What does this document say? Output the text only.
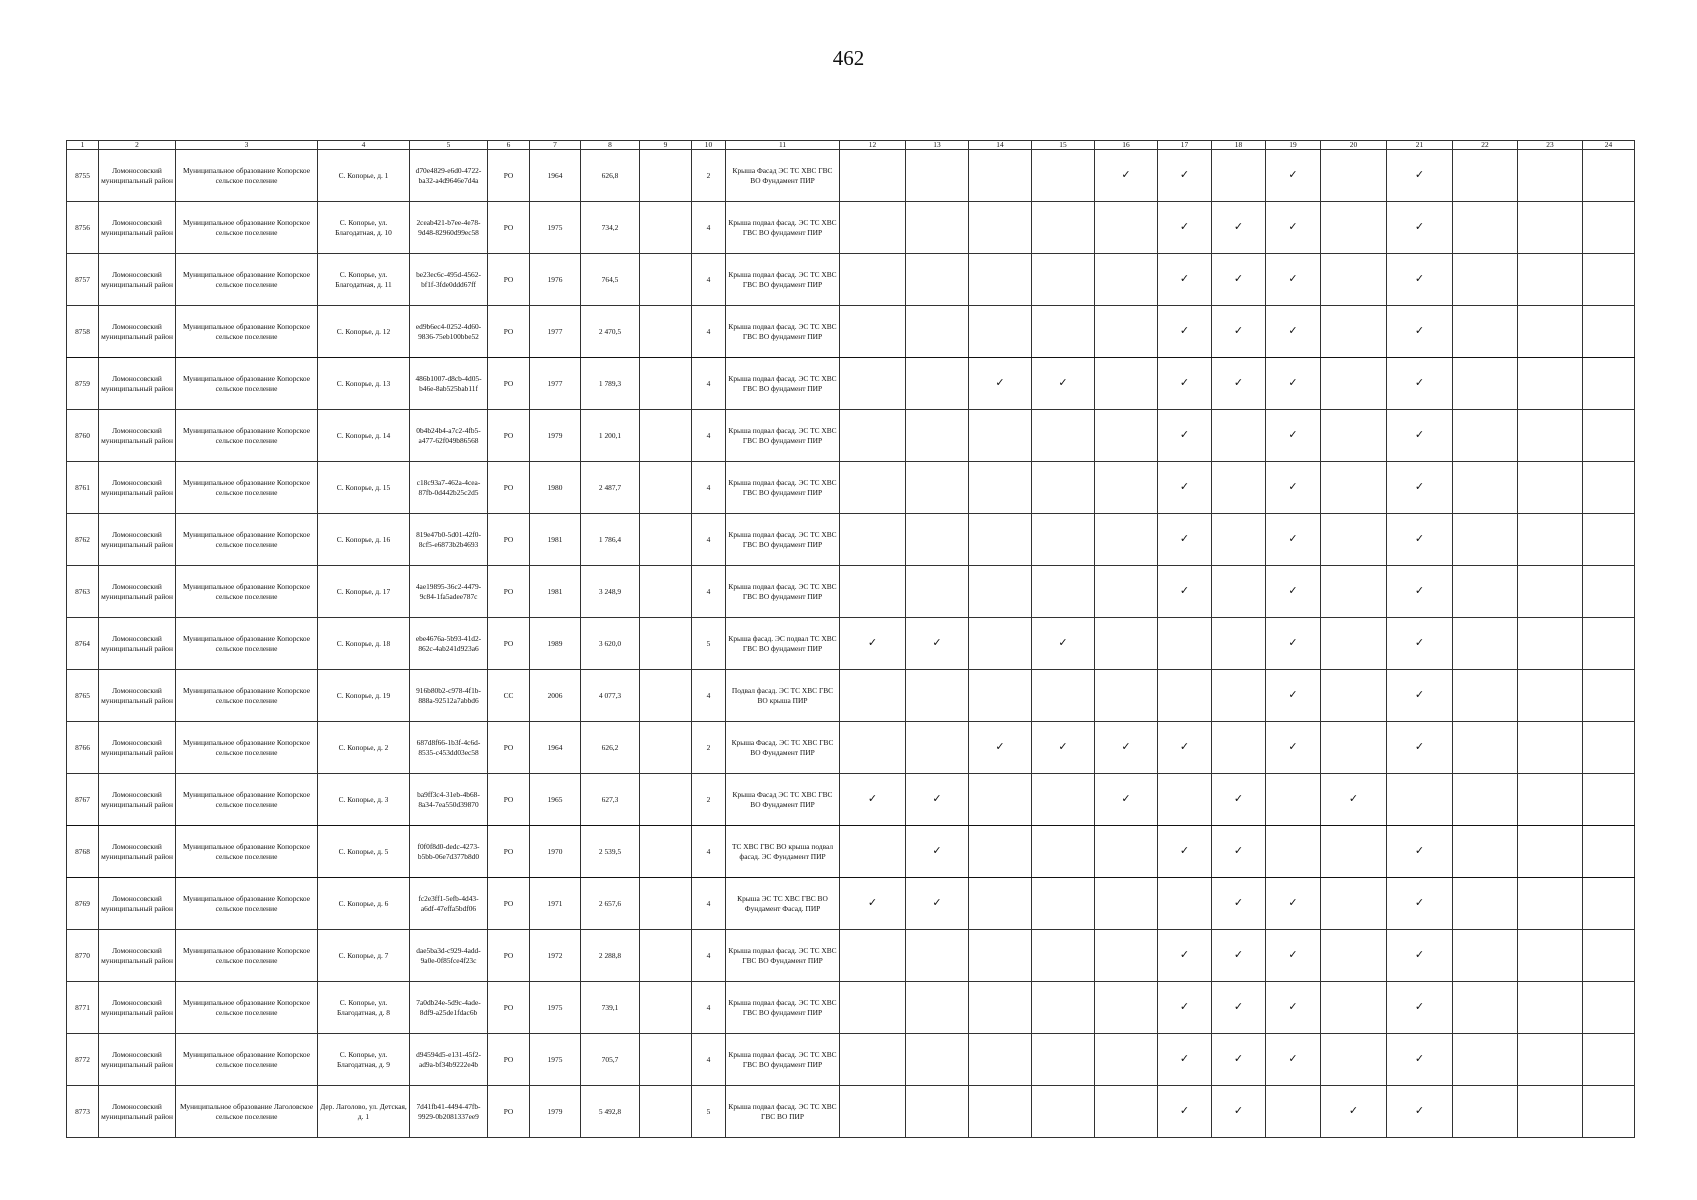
462
1	2	3	4	5	6	7	8	9	10	11	12	13	14	15	16	17	18	19	20	21	22	23	24
8755	Ломоносовский муниципальный район	Муниципальное образование Копорское сельское поселение	С. Копорье, д. 1	d70e4829-e6d0-4722-ba32-a4d9646e7d4a	РО	1964	626,8		2	Крыша Фасад ЭС ТС ХВС ГВС ВО Фундамент ПИР					✓	✓		✓		✓			
8756	Ломоносовский муниципальный район	Муниципальное образование Копорское сельское поселение	С. Копорье, ул. Благодатная, д. 10	2ceab421-b7ee-4e78-9d48-82960d99ec58	РО	1975	734,2		4	Крыша подвал фасад. ЭС ТС ХВС ГВС ВО фундамент ПИР						✓	✓	✓		✓			
8757	Ломоносовский муниципальный район	Муниципальное образование Копорское сельское поселение	С. Копорье, ул. Благодатная, д. 11	be23ec6c-495d-4562-bf1f-3fde0ddd67ff	РО	1976	764,5		4	Крыша подвал фасад. ЭС ТС ХВС ГВС ВО фундамент ПИР						✓	✓	✓		✓			
8758	Ломоносовский муниципальный район	Муниципальное образование Копорское сельское поселение	С. Копорье, д. 12	ed9b6ec4-0252-4d60-9836-75eb100bbe52	РО	1977	2 470,5		4	Крыша подвал фасад. ЭС ТС ХВС ГВС ВО фундамент ПИР						✓	✓	✓		✓			
8759	Ломоносовский муниципальный район	Муниципальное образование Копорское сельское поселение	С. Копорье, д. 13	486b1007-d8cb-4d05-b46e-8ab525bab11f	РО	1977	1 789,3		4	Крыша подвал фасад. ЭС ТС ХВС ГВС ВО фундамент ПИР			✓	✓		✓	✓	✓		✓			
8760	Ломоносовский муниципальный район	Муниципальное образование Копорское сельское поселение	С. Копорье, д. 14	0b4b24b4-a7c2-4fb5-a477-62f049b86568	РО	1979	1 200,1		4	Крыша подвал фасад. ЭС ТС ХВС ГВС ВО фундамент ПИР						✓		✓		✓			
8761	Ломоносовский муниципальный район	Муниципальное образование Копорское сельское поселение	С. Копорье, д. 15	c18c93a7-462a-4cea-87fb-0d442b25c2d5	РО	1980	2 487,7		4	Крыша подвал фасад. ЭС ТС ХВС ГВС ВО фундамент ПИР						✓		✓		✓			
8762	Ломоносовский муниципальный район	Муниципальное образование Копорское сельское поселение	С. Копорье, д. 16	819e47b0-5d01-42f0-8cf5-e6873b2b4693	РО	1981	1 786,4		4	Крыша подвал фасад. ЭС ТС ХВС ГВС ВО фундамент ПИР						✓		✓		✓			
8763	Ломоносовский муниципальный район	Муниципальное образование Копорское сельское поселение	С. Копорье, д. 17	4ae19895-36c2-4479-9c84-1fa5adee787c	РО	1981	3 248,9		4	Крыша подвал фасад. ЭС ТС ХВС ГВС ВО фундамент ПИР						✓		✓		✓			
8764	Ломоносовский муниципальный район	Муниципальное образование Копорское сельское поселение	С. Копорье, д. 18	ebe4676a-5b93-41d2-862c-4ab241d923a6	РО	1989	3 620,0		5	Крыша фасад. ЭС подвал ТС ХВС ГВС ВО фундамент ПИР	✓	✓		✓				✓		✓			
8765	Ломоносовский муниципальный район	Муниципальное образование Копорское сельское поселение	С. Копорье, д. 19	916b80b2-c978-4f1b-888a-92512a7abbd6	СС	2006	4 077,3		4	Подвал фасад. ЭС ТС ХВС ГВС ВО крыша ПИР								✓		✓			
8766	Ломоносовский муниципальный район	Муниципальное образование Копорское сельское поселение	С. Копорье, д. 2	687d8f66-1b3f-4c6d-8535-c453dd03ec58	РО	1964	626,2		2	Крыша Фасад. ЭС ТС ХВС ГВС ВО Фундамент ПИР			✓	✓	✓	✓		✓		✓			
8767	Ломоносовский муниципальный район	Муниципальное образование Копорское сельское поселение	С. Копорье, д. 3	ba9ff3c4-31eb-4b68-8a34-7ea550d39870	РО	1965	627,3		2	Крыша Фасад ЭС ТС ХВС ГВС ВО Фундамент ПИР	✓	✓			✓		✓		✓				
8768	Ломоносовский муниципальный район	Муниципальное образование Копорское сельское поселение	С. Копорье, д. 5	f0f0f8d0-dedc-4273-b5bb-06e7d377b8d0	РО	1970	2 539,5		4	ТС ХВС ГВС ВО крыша подвал фасад. ЭС Фундамент ПИР		✓				✓	✓			✓			
8769	Ломоносовский муниципальный район	Муниципальное образование Копорское сельское поселение	С. Копорье, д. 6	fc2e3ff1-5efb-4d43-a6df-47effa5bdf06	РО	1971	2 657,6		4	Крыша ЭС ТС ХВС ГВС ВО Фундамент Фасад. ПИР	✓	✓					✓	✓		✓			
8770	Ломоносовский муниципальный район	Муниципальное образование Копорское сельское поселение	С. Копорье, д. 7	dae5ba3d-c929-4add-9a0e-0f85fce4f23c	РО	1972	2 288,8		4	Крыша подвал фасад. ЭС ТС ХВС ГВС ВО Фундамент ПИР						✓	✓	✓		✓			
8771	Ломоносовский муниципальный район	Муниципальное образование Копорское сельское поселение	С. Копорье, ул. Благодатная, д. 8	7a0db24e-5d9c-4ade-8df9-a25de1fdac6b	РО	1975	739,1		4	Крыша подвал фасад. ЭС ТС ХВС ГВС ВО фундамент ПИР						✓	✓	✓		✓			
8772	Ломоносовский муниципальный район	Муниципальное образование Копорское сельское поселение	С. Копорье, ул. Благодатная, д. 9	d94594d5-e131-45f2-ad9a-bf34b9222e4b	РО	1975	705,7		4	Крыша подвал фасад. ЭС ТС ХВС ГВС ВО фундамент ПИР						✓	✓	✓		✓			
8773	Ломоносовский муниципальный район	Муниципальное образование Лаголовское сельское поселение	Дер. Лаголово, ул. Детская, д. 1	7d41fb41-4494-47fb-9929-0b2081337ee9	РО	1979	5 492,8		5	Крыша подвал фасад. ЭС ТС ХВС ГВС ВО ПИР						✓	✓		✓	✓			
